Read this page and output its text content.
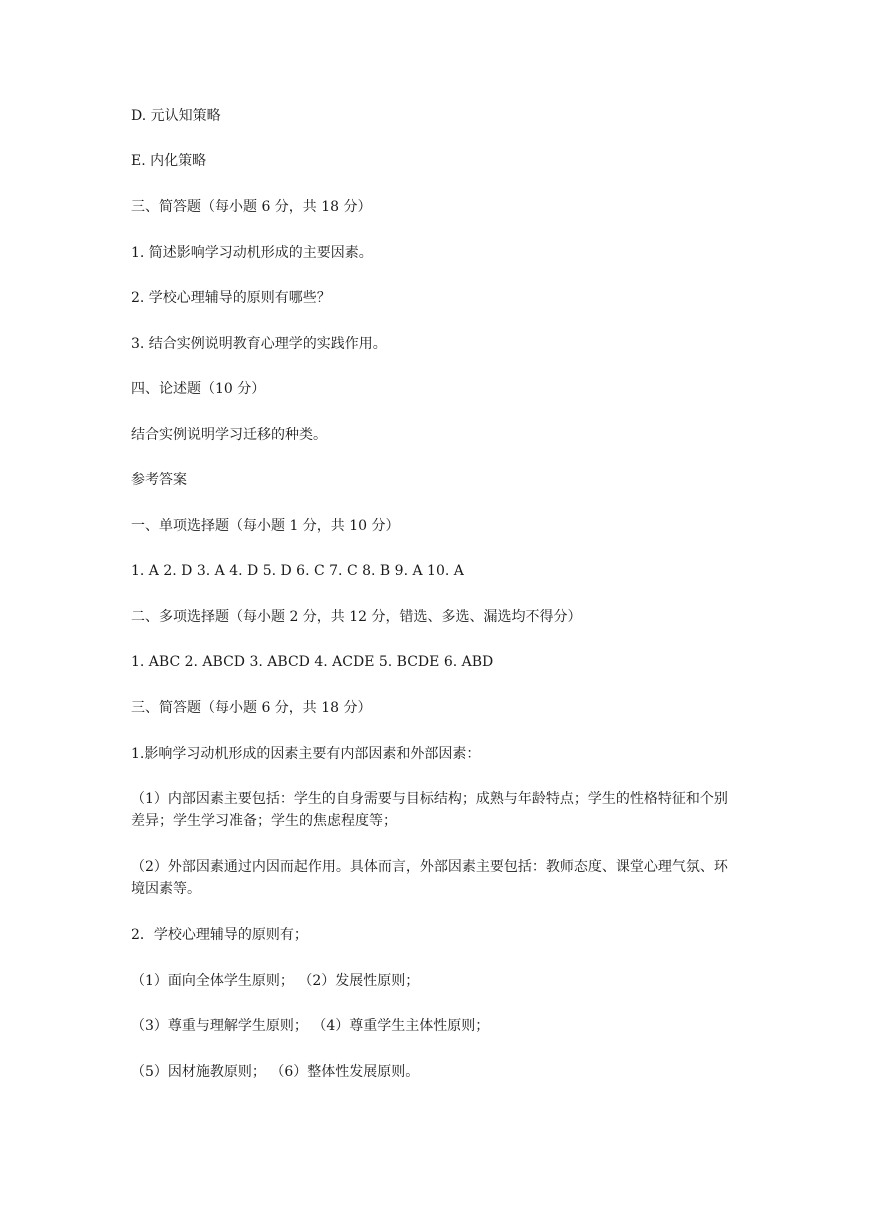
D. 元认知策略

E. 内化策略

三、简答题（每小题 6 分，共 18 分）

1. 简述影响学习动机形成的主要因素。

2. 学校心理辅导的原则有哪些？

3. 结合实例说明教育心理学的实践作用。

四、论述题（10 分）

结合实例说明学习迁移的种类。

参考答案

一、单项选择题（每小题 1 分，共 10 分）

1. A 2. D 3. A 4. D 5. D 6. C 7. C 8. B 9. A 10. A

二、多项选择题（每小题 2 分，共 12 分，错选、多选、漏选均不得分）

1. ABC 2. ABCD 3. ABCD 4. ACDE 5. BCDE 6. ABD

三、简答题（每小题 6 分，共 18 分）

1.影响学习动机形成的因素主要有内部因素和外部因素：

（1）内部因素主要包括：学生的自身需要与目标结构；成熟与年龄特点；学生的性格特征和个别差异；学生学习准备；学生的焦虑程度等；

（2）外部因素通过内因而起作用。具体而言，外部因素主要包括：教师态度、课堂心理气氛、环境因素等。

2．学校心理辅导的原则有；

（1）面向全体学生原则； （2）发展性原则；

（3）尊重与理解学生原则； （4）尊重学生主体性原则；

（5）因材施教原则； （6）整体性发展原则。
